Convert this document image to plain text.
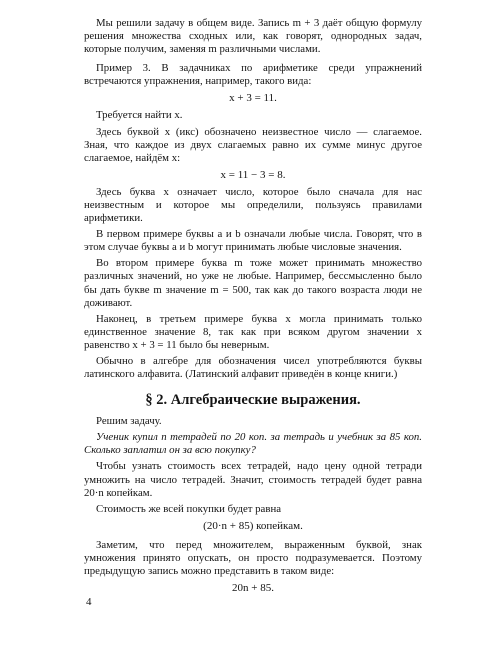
Мы решили задачу в общем виде. Запись m + 3 даёт общую формулу решения множества сходных или, как говорят, однородных задач, которые получим, заменяя m различными числами.

Пример 3. В задачниках по арифметике среди упражнений встречаются упражнения, например, такого вида:

x + 3 = 11.

Требуется найти x.

Здесь буквой x (икс) обозначено неизвестное число — слагаемое. Зная, что каждое из двух слагаемых равно их сумме минус другое слагаемое, найдём x:

x = 11 − 3 = 8.

Здесь буква x означает число, которое было сначала для нас неизвестным и которое мы определили, пользуясь правилами арифметики.

В первом примере буквы a и b означали любые числа. Говорят, что в этом случае буквы a и b могут принимать любые числовые значения.

Во втором примере буква m тоже может принимать множество различных значений, но уже не любые. Например, бессмысленно было бы дать букве m значение m = 500, так как до такого возраста люди не доживают.

Наконец, в третьем примере буква x могла принимать только единственное значение 8, так как при всяком другом значении x равенство x + 3 = 11 было бы неверным.

Обычно в алгебре для обозначения чисел употребляются буквы латинского алфавита. (Латинский алфавит приведён в конце книги.)

§ 2. Алгебраические выражения.

Решим задачу.

Ученик купил n тетрадей по 20 коп. за тетрадь и учебник за 85 коп. Сколько заплатил он за всю покупку?

Чтобы узнать стоимость всех тетрадей, надо цену одной тетради умножить на число тетрадей. Значит, стоимость тетрадей будет равна 20·n копейкам.

Стоимость же всей покупки будет равна

(20·n + 85) копейкам.

Заметим, что перед множителем, выраженным буквой, знак умножения принято опускать, он просто подразумевается. Поэтому предыдущую запись можно представить в таком виде:

20n + 85.

4
